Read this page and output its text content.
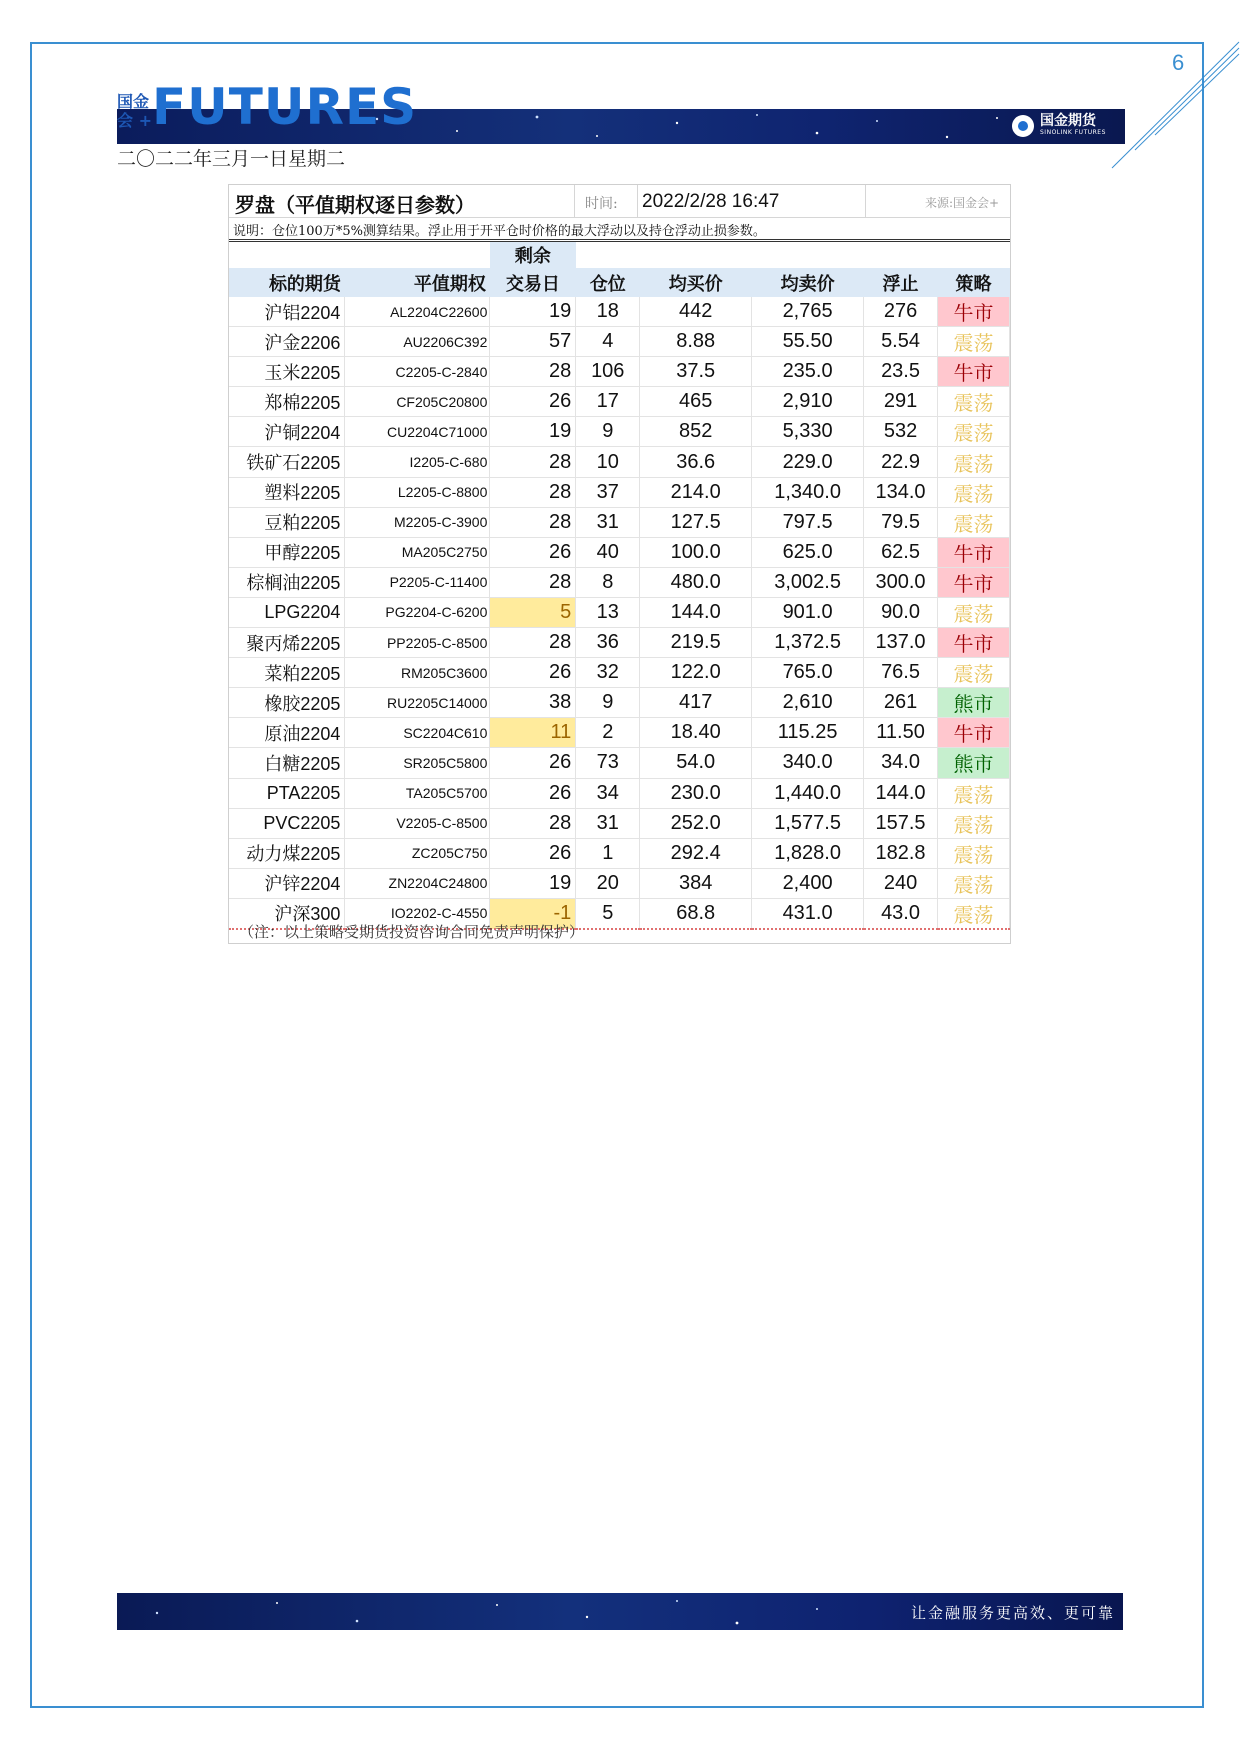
6
国金
会 + FUTURES	国金期货
SINOLINK FUTURES
二〇二二年三月一日星期二
罗盘（平值期权逐日参数）	时间: 2022/2/28 16:47	来源:国金会+
说明：仓位100万*5%测算结果。浮止用于开平仓时价格的最大浮动以及持仓浮动止损参数。
		剩余					
标的期货	平值期权	交易日	仓位	均买价	均卖价	浮止	策略
沪铝2204	AL2204C22600	19	18	442	2,765	276	牛市
沪金2206	AU2206C392	57	4	8.88	55.50	5.54	震荡
玉米2205	C2205-C-2840	28	106	37.5	235.0	23.5	牛市
郑棉2205	CF205C20800	26	17	465	2,910	291	震荡
沪铜2204	CU2204C71000	19	9	852	5,330	532	震荡
铁矿石2205	I2205-C-680	28	10	36.6	229.0	22.9	震荡
塑料2205	L2205-C-8800	28	37	214.0	1,340.0	134.0	震荡
豆粕2205	M2205-C-3900	28	31	127.5	797.5	79.5	震荡
甲醇2205	MA205C2750	26	40	100.0	625.0	62.5	牛市
棕榈油2205	P2205-C-11400	28	8	480.0	3,002.5	300.0	牛市
LPG2204	PG2204-C-6200	5	13	144.0	901.0	90.0	震荡
聚丙烯2205	PP2205-C-8500	28	36	219.5	1,372.5	137.0	牛市
菜粕2205	RM205C3600	26	32	122.0	765.0	76.5	震荡
橡胶2205	RU2205C14000	38	9	417	2,610	261	熊市
原油2204	SC2204C610	11	2	18.40	115.25	11.50	牛市
白糖2205	SR205C5800	26	73	54.0	340.0	34.0	熊市
PTA2205	TA205C5700	26	34	230.0	1,440.0	144.0	震荡
PVC2205	V2205-C-8500	28	31	252.0	1,577.5	157.5	震荡
动力煤2205	ZC205C750	26	1	292.4	1,828.0	182.8	震荡
沪锌2204	ZN2204C24800	19	20	384	2,400	240	震荡
沪深300	IO2202-C-4550	-1	5	68.8	431.0	43.0	震荡
（注：以上策略受期货投资咨询合同免责声明保护）
让金融服务更高效、更可靠
